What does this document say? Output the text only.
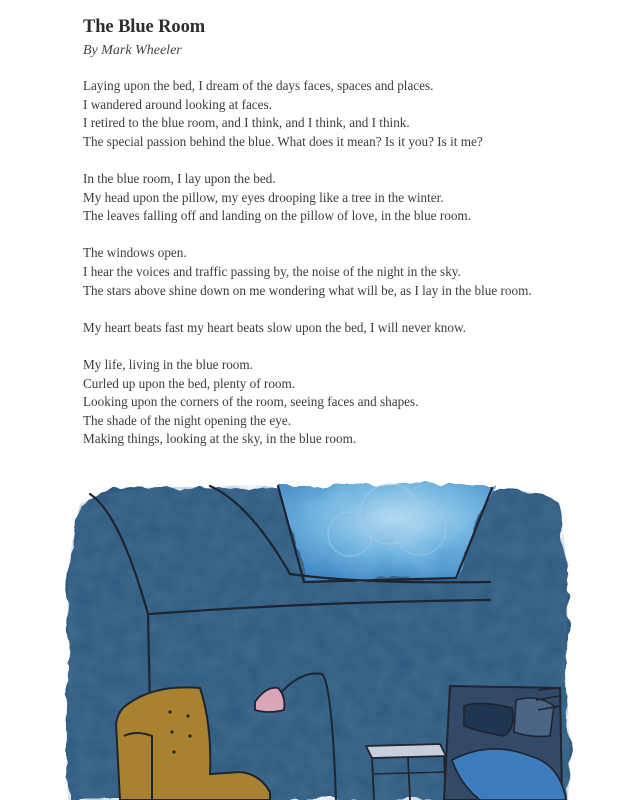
The Blue Room

By Mark Wheeler

Laying upon the bed, I dream of the days faces, spaces and places.
I wandered around looking at faces.
I retired to the blue room, and I think, and I think, and I think.
The special passion behind the blue. What does it mean? Is it you? Is it me?

In the blue room, I lay upon the bed.
My head upon the pillow, my eyes drooping like a tree in the winter.
The leaves falling off and landing on the pillow of love, in the blue room.

The windows open.
I hear the voices and traffic passing by, the noise of the night in the sky.
The stars above shine down on me wondering what will be, as I lay in the blue room.

My heart beats fast my heart beats slow upon the bed, I will never know.

My life, living in the blue room.
Curled up upon the bed, plenty of room.
Looking upon the corners of the room, seeing faces and shapes.
The shade of the night opening the eye.
Making things, looking at the sky, in the blue room.
